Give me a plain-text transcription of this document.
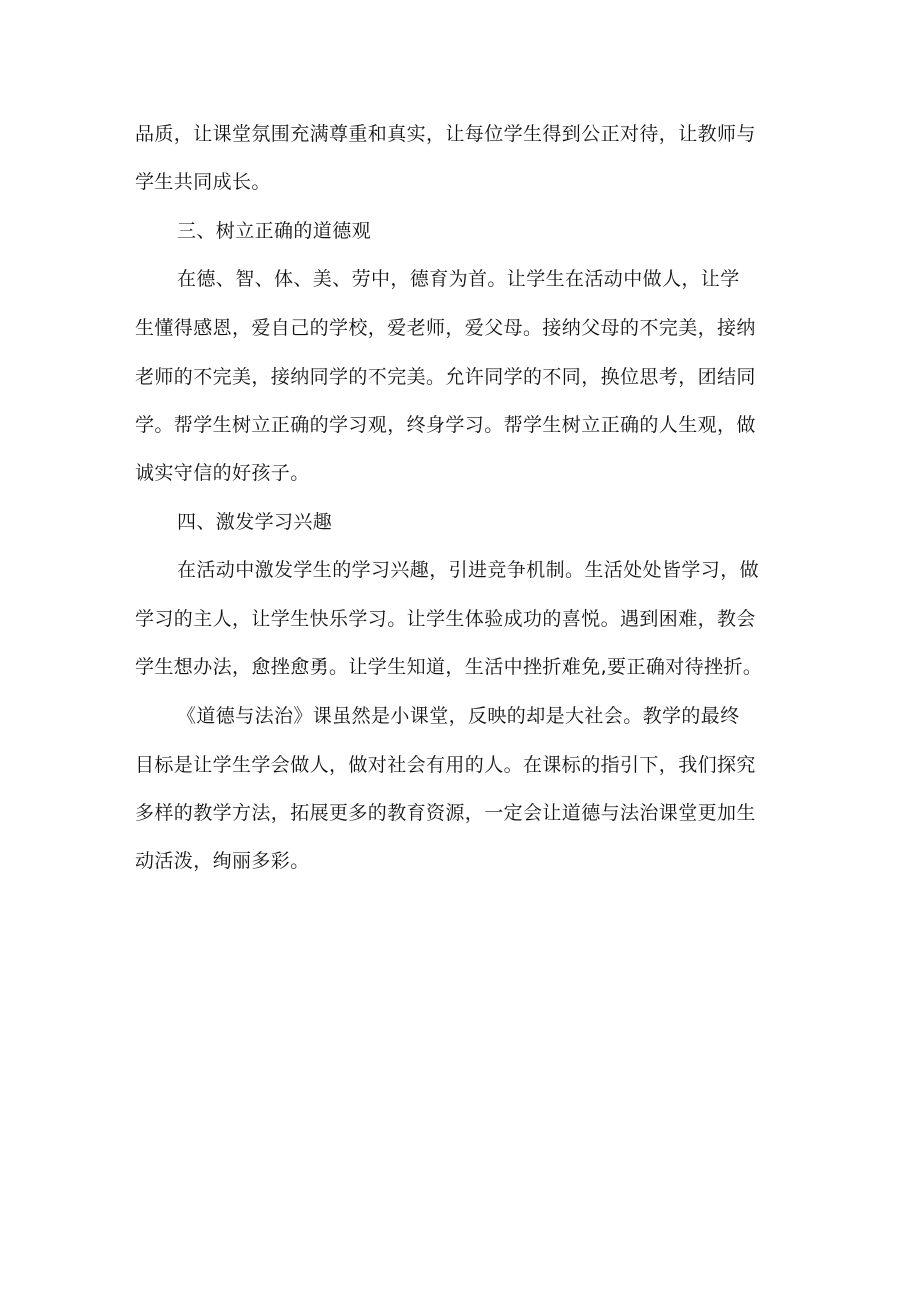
品质，让课堂氛围充满尊重和真实，让每位学生得到公正对待，让教师与
学生共同成长。
三、树立正确的道德观
在德、智、体、美、劳中，德育为首。让学生在活动中做人，让学
生懂得感恩，爱自己的学校，爱老师，爱父母。接纳父母的不完美，接纳
老师的不完美，接纳同学的不完美。允许同学的不同，换位思考，团结同
学。帮学生树立正确的学习观，终身学习。帮学生树立正确的人生观，做
诚实守信的好孩子。
四、激发学习兴趣
在活动中激发学生的学习兴趣，引进竞争机制。生活处处皆学习，做
学习的主人，让学生快乐学习。让学生体验成功的喜悦。遇到困难，教会
学生想办法，愈挫愈勇。让学生知道，生活中挫折难免,要正确对待挫折。
《道德与法治》课虽然是小课堂，反映的却是大社会。教学的最终
目标是让学生学会做人，做对社会有用的人。在课标的指引下，我们探究
多样的教学方法，拓展更多的教育资源，一定会让道德与法治课堂更加生
动活泼，绚丽多彩。
